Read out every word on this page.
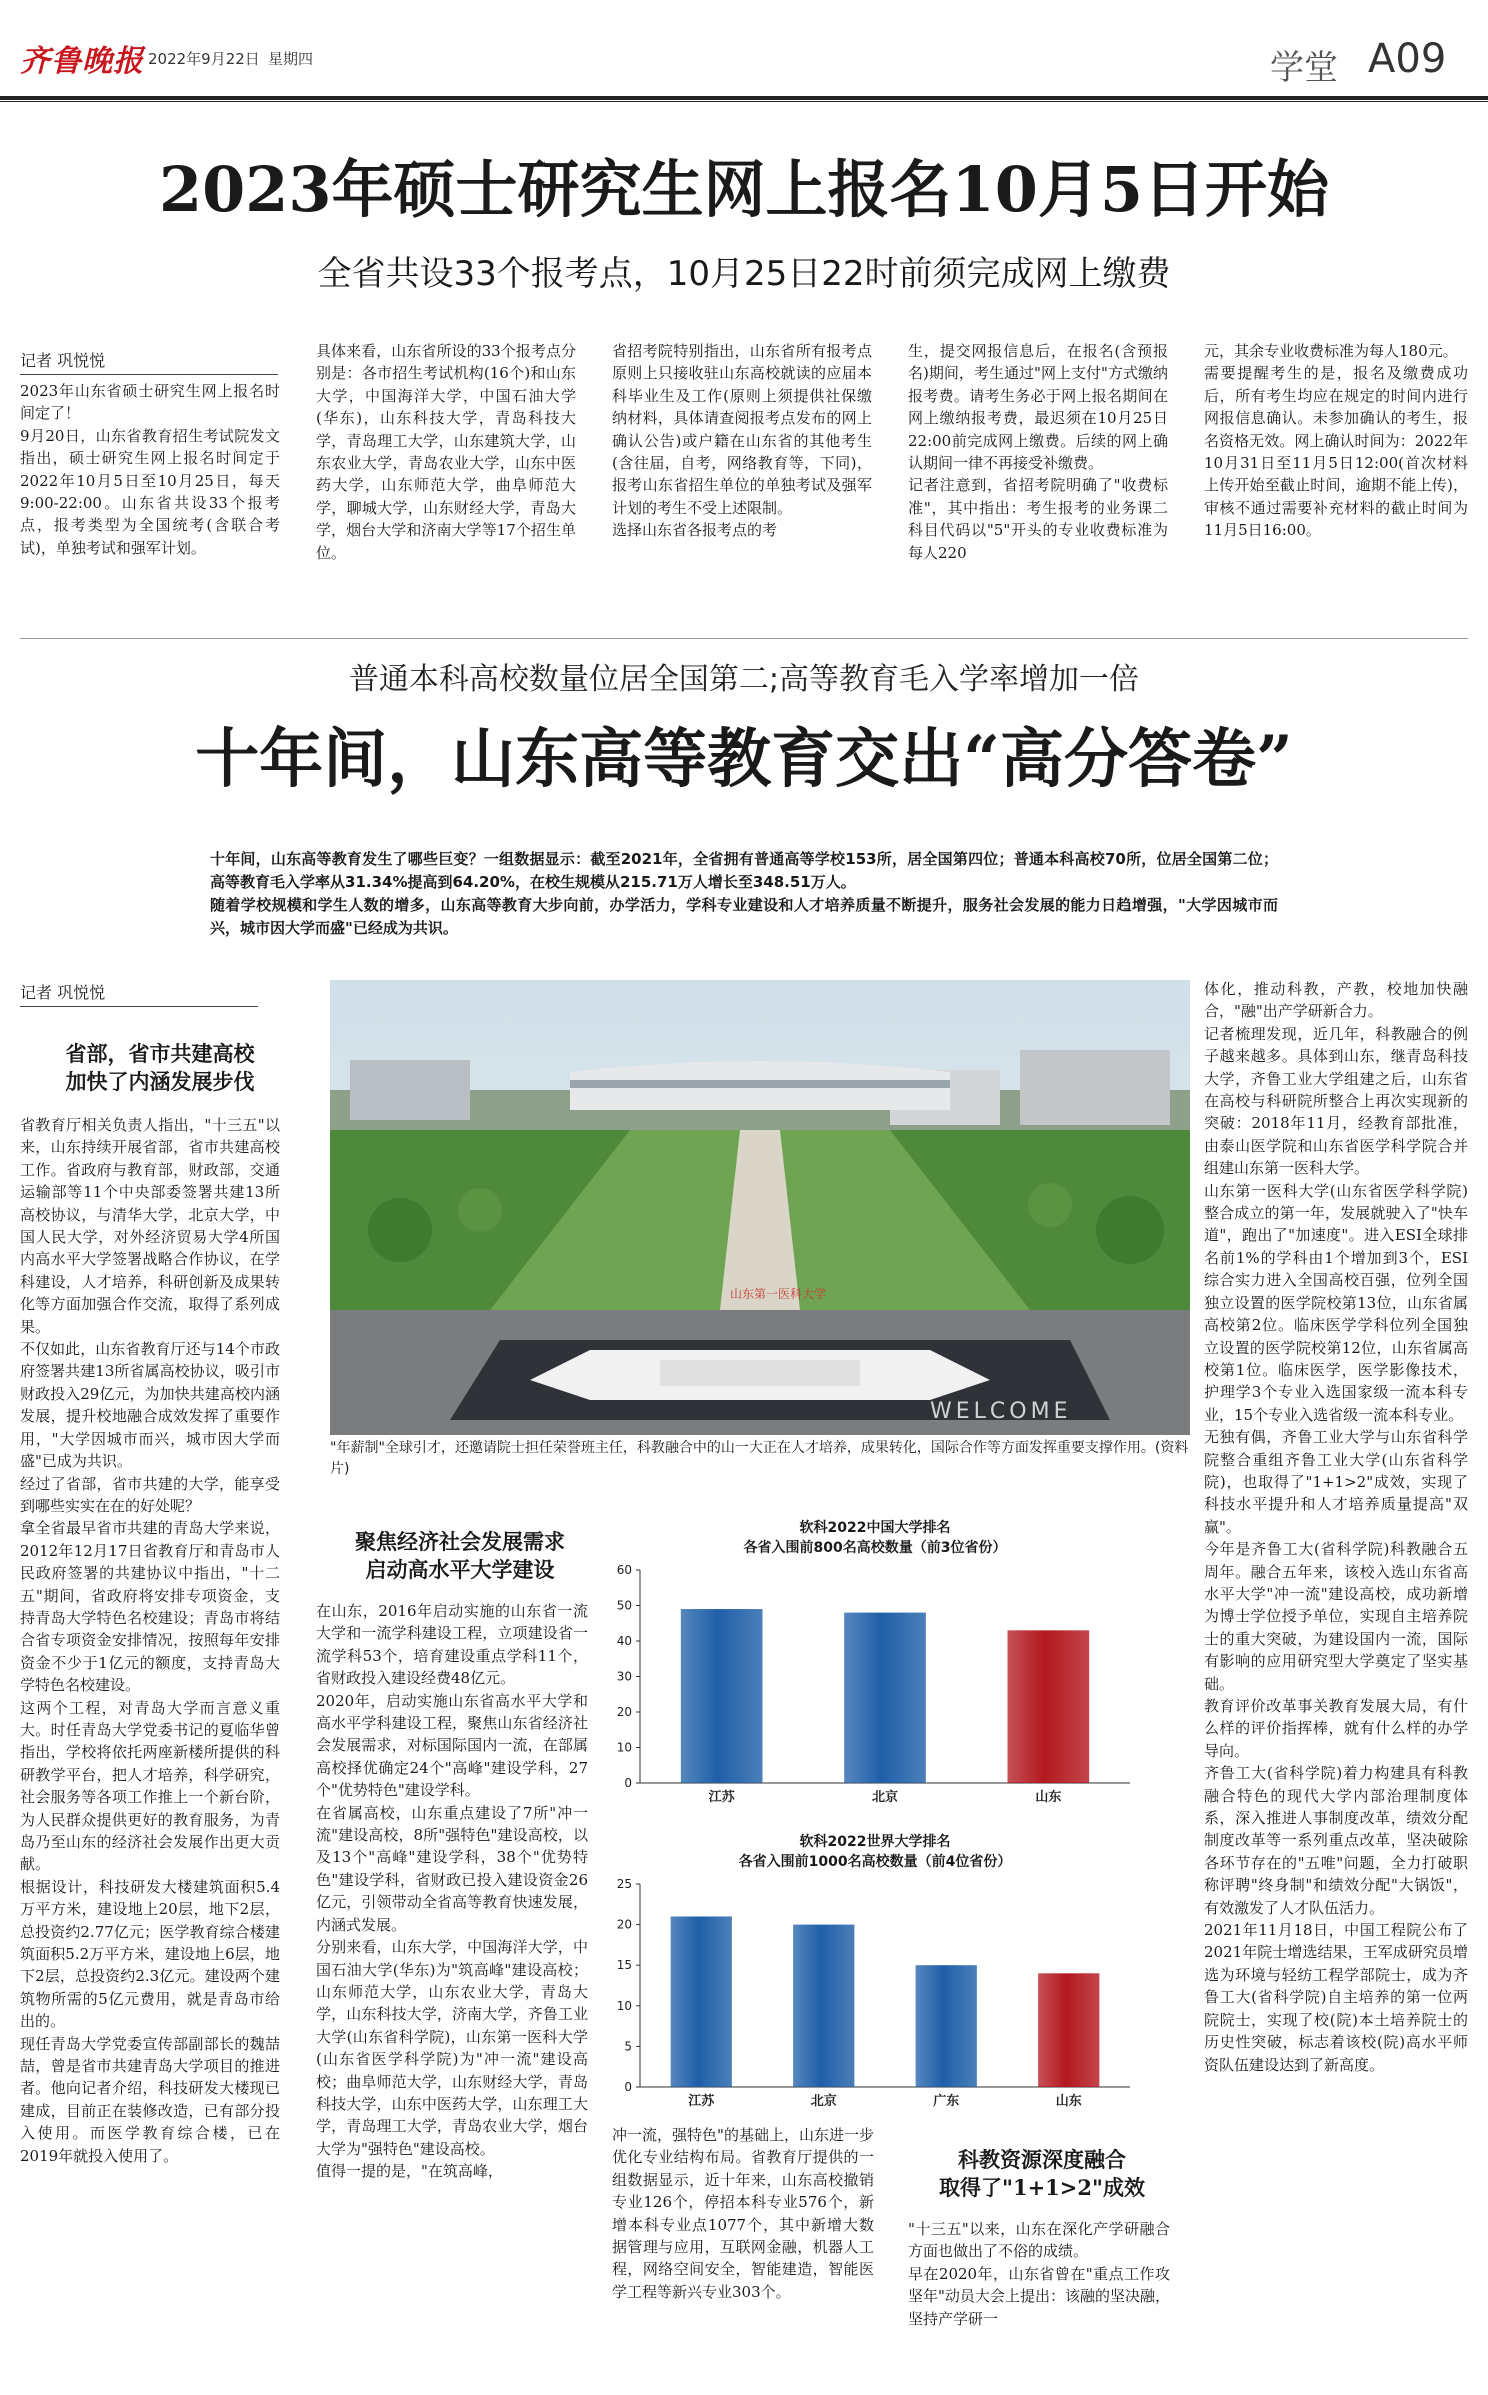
齐鲁晚报 2022年9月22日 星期四	学堂 A09
2023年硕士研究生网上报名10月5日开始
全省共设33个报考点，10月25日22时前须完成网上缴费
记者 巩悦悦
2023年山东省硕士研究生网上报名时间定了！
9月20日，山东省教育招生考试院发文指出，硕士研究生网上报名时间定于2022年10月5日至10月25日，每天9:00-22:00。山东省共设33个报考点，报考类型为全国统考(含联合考试)，单独考试和强军计划。
具体来看，山东省所设的33个报考点分别是：各市招生考试机构(16个)和山东大学，中国海洋大学，中国石油大学(华东)，山东科技大学，青岛科技大学，青岛理工大学，山东建筑大学，山东农业大学，青岛农业大学，山东中医药大学，山东师范大学，曲阜师范大学，聊城大学，山东财经大学，青岛大学，烟台大学和济南大学等17个招生单位。
省招考院特别指出，山东省所有报考点原则上只接收驻山东高校就读的应届本科毕业生及工作(原则上须提供社保缴纳材料，具体请查阅报考点发布的网上确认公告)或户籍在山东省的其他考生(含往届，自考，网络教育等，下同)，报考山东省招生单位的单独考试及强军计划的考生不受上述限制。
选择山东省各报考点的考
生，提交网报信息后，在报名(含预报名)期间，考生通过"网上支付"方式缴纳报考费。请考生务必于网上报名期间在网上缴纳报考费，最迟须在10月25日22:00前完成网上缴费。后续的网上确认期间一律不再接受补缴费。
记者注意到，省招考院明确了"收费标准"，其中指出：考生报考的业务课二科目代码以"5"开头的专业收费标准为每人220
元，其余专业收费标准为每人180元。
需要提醒考生的是，报名及缴费成功后，所有考生均应在规定的时间内进行网报信息确认。未参加确认的考生，报名资格无效。网上确认时间为：2022年10月31日至11月5日12:00(首次材料上传开始至截止时间，逾期不能上传)，审核不通过需要补充材料的截止时间为11月5日16:00。
普通本科高校数量位居全国第二;高等教育毛入学率增加一倍
十年间，山东高等教育交出“高分答卷”
十年间，山东高等教育发生了哪些巨变？一组数据显示：截至2021年，全省拥有普通高等学校153所，居全国第四位；普通本科高校70所，位居全国第二位；高等教育毛入学率从31.34%提高到64.20%，在校生规模从215.71万人增长至348.51万人。
随着学校规模和学生人数的增多，山东高等教育大步向前，办学活力，学科专业建设和人才培养质量不断提升，服务社会发展的能力日趋增强，"大学因城市而兴，城市因大学而盛"已经成为共识。
记者 巩悦悦
省部，省市共建高校
加快了内涵发展步伐
省教育厅相关负责人指出，"十三五"以来，山东持续开展省部，省市共建高校工作。省政府与教育部，财政部，交通运输部等11个中央部委签署共建13所高校协议，与清华大学，北京大学，中国人民大学，对外经济贸易大学4所国内高水平大学签署战略合作协议，在学科建设，人才培养，科研创新及成果转化等方面加强合作交流，取得了系列成果。
不仅如此，山东省教育厅还与14个市政府签署共建13所省属高校协议，吸引市财政投入29亿元，为加快共建高校内涵发展，提升校地融合成效发挥了重要作用，"大学因城市而兴，城市因大学而盛"已成为共识。
经过了省部，省市共建的大学，能享受到哪些实实在在的好处呢？
拿全省最早省市共建的青岛大学来说，2012年12月17日省教育厅和青岛市人民政府签署的共建协议中指出，"十二五"期间，省政府将安排专项资金，支持青岛大学特色名校建设；青岛市将结合省专项资金安排情况，按照每年安排资金不少于1亿元的额度，支持青岛大学特色名校建设。
这两个工程，对青岛大学而言意义重大。时任青岛大学党委书记的夏临华曾指出，学校将依托两座新楼所提供的科研教学平台，把人才培养，科学研究，社会服务等各项工作推上一个新台阶，为人民群众提供更好的教育服务，为青岛乃至山东的经济社会发展作出更大贡献。
根据设计，科技研发大楼建筑面积5.4万平方米，建设地上20层，地下2层，总投资约2.77亿元；医学教育综合楼建筑面积5.2万平方米，建设地上6层，地下2层，总投资约2.3亿元。建设两个建筑物所需的5亿元费用，就是青岛市给出的。
现任青岛大学党委宣传部副部长的魏喆喆，曾是省市共建青岛大学项目的推进者。他向记者介绍，科技研发大楼现已建成，目前正在装修改造，已有部分投入使用。而医学教育综合楼，已在2019年就投入使用了。
WELCOME
山东第一医科大学
"年薪制"全球引才，还邀请院士担任荣誉班主任，科教融合中的山一大正在人才培养，成果转化，国际合作等方面发挥重要支撑作用。(资料片)
聚焦经济社会发展需求
启动高水平大学建设
在山东，2016年启动实施的山东省一流大学和一流学科建设工程，立项建设省一流学科53个，培育建设重点学科11个，省财政投入建设经费48亿元。
2020年，启动实施山东省高水平大学和高水平学科建设工程，聚焦山东省经济社会发展需求，对标国际国内一流，在部属高校择优确定24个"高峰"建设学科，27个"优势特色"建设学科。
在省属高校，山东重点建设了7所"冲一流"建设高校，8所"强特色"建设高校，以及13个"高峰"建设学科，38个"优势特色"建设学科，省财政已投入建设资金26亿元，引领带动全省高等教育快速发展，内涵式发展。
分别来看，山东大学，中国海洋大学，中国石油大学(华东)为"筑高峰"建设高校；山东师范大学，山东农业大学，青岛大学，山东科技大学，济南大学，齐鲁工业大学(山东省科学院)，山东第一医科大学(山东省医学科学院)为"冲一流"建设高校；曲阜师范大学，山东财经大学，青岛科技大学，山东中医药大学，山东理工大学，青岛理工大学，青岛农业大学，烟台大学为"强特色"建设高校。
值得一提的是，"在筑高峰，
软科2022中国大学排名
各省入围前800名高校数量（前3位省份）
0
10
20
30
40
50
60
江苏	北京	山东
软科2022世界大学排名
各省入围前1000名高校数量（前4位省份）
0
5
10
15
20
25
江苏	北京	广东	山东
冲一流，强特色"的基础上，山东进一步优化专业结构布局。省教育厅提供的一组数据显示，近十年来，山东高校撤销专业126个，停招本科专业576个，新增本科专业点1077个，其中新增大数据管理与应用，互联网金融，机器人工程，网络空间安全，智能建造，智能医学工程等新兴专业303个。
科教资源深度融合
取得了"1+1>2"成效
"十三五"以来，山东在深化产学研融合方面也做出了不俗的成绩。
早在2020年，山东省曾在"重点工作攻坚年"动员大会上提出：该融的坚决融，坚持产学研一
体化，推动科教，产教，校地加快融合，"融"出产学研新合力。
记者梳理发现，近几年，科教融合的例子越来越多。具体到山东，继青岛科技大学，齐鲁工业大学组建之后，山东省在高校与科研院所整合上再次实现新的突破：2018年11月，经教育部批准，由泰山医学院和山东省医学科学院合并组建山东第一医科大学。
山东第一医科大学(山东省医学科学院)整合成立的第一年，发展就驶入了"快车道"，跑出了"加速度"。进入ESI全球排名前1%的学科由1个增加到3个，ESI综合实力进入全国高校百强，位列全国独立设置的医学院校第13位，山东省属高校第2位。临床医学学科位列全国独立设置的医学院校第12位，山东省属高校第1位。临床医学，医学影像技术，护理学3个专业入选国家级一流本科专业，15个专业入选省级一流本科专业。
无独有偶，齐鲁工业大学与山东省科学院整合重组齐鲁工业大学(山东省科学院)，也取得了"1+1>2"成效，实现了科技水平提升和人才培养质量提高"双赢"。
今年是齐鲁工大(省科学院)科教融合五周年。融合五年来，该校入选山东省高水平大学"冲一流"建设高校，成功新增为博士学位授予单位，实现自主培养院士的重大突破，为建设国内一流，国际有影响的应用研究型大学奠定了坚实基础。
教育评价改革事关教育发展大局，有什么样的评价指挥棒，就有什么样的办学导向。
齐鲁工大(省科学院)着力构建具有科教融合特色的现代大学内部治理制度体系，深入推进人事制度改革，绩效分配制度改革等一系列重点改革，坚决破除各环节存在的"五唯"问题，全力打破职称评聘"终身制"和绩效分配"大锅饭"，有效激发了人才队伍活力。
2021年11月18日，中国工程院公布了2021年院士增选结果，王军成研究员增选为环境与轻纺工程学部院士，成为齐鲁工大(省科学院)自主培养的第一位两院院士，实现了校(院)本土培养院士的历史性突破，标志着该校(院)高水平师资队伍建设达到了新高度。
